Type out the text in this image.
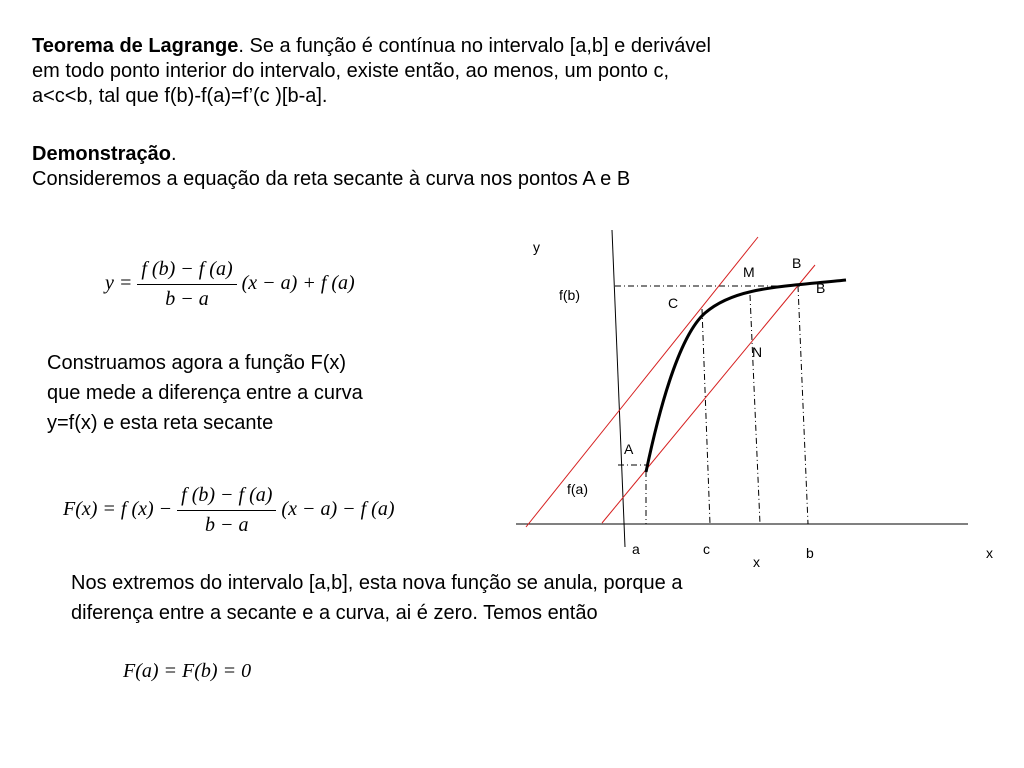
Teorema de Lagrange. Se a função é contínua no intervalo [a,b] e derivável
em todo ponto interior do intervalo, existe então, ao menos, um ponto c,
a<c<b, tal que f(b)-f(a)=f’(c )[b-a].
Demonstração.
Consideremos a equação da reta secante à curva nos pontos A e B
$y = \frac{f (b) - f (a)}{b - a} (x - a) + f$ (a)
Construamos agora a função F(x)
que mede a diferença entre a curva
y=f(x) e esta reta secante
F(x) = f $(x) - \frac{f (b) - f (a)}{b - a} (x - a) - f$ (a)
Nos extremos do intervalo [a,b], esta nova função se anula, porque a
diferença entre a secante e a curva, ai é zero. Temos então
F(a) = F(b) = 0
y
f(b)
f(a)
A
C
M
B
B
N
a	c
x
b	x
